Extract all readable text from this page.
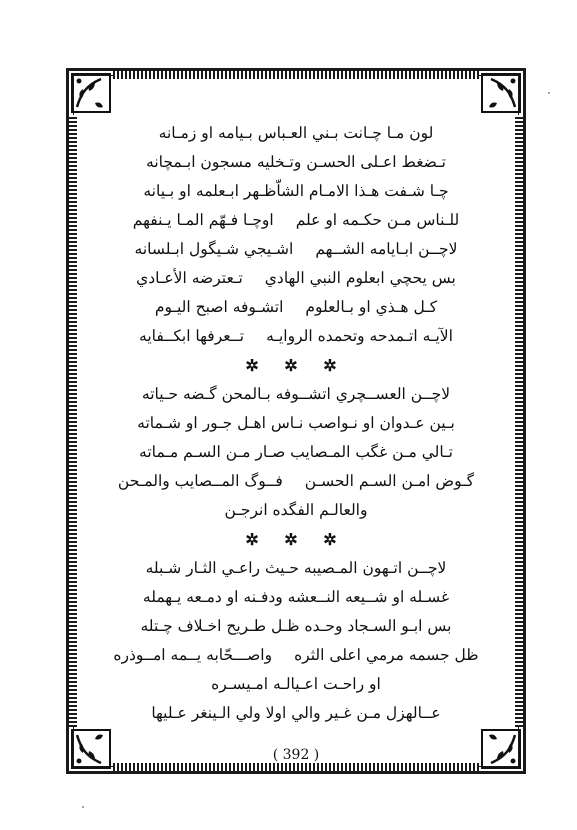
لون مـا چـانت بـني العـباس بـيامه او زمـانه
تـضغط اعـلى الحسـن وتـخليه مسجون ابـمچانه
چـا شـفت هـذا الامـام الشاّظـهر ابـعلمه او بـيانه
للـناس مـن حكـمه او علماوچـا فـهّم المـا يـنفهم
لاچــن ابـايامه الشــهماشـيجي شـيگول ابـلسانه
بس يحچي ابعلوم النبي الهاديتـعترضه الأعـادي
كـل هـذي او بـالعلوماتشـوفه اصبح اليـوم
الآيـه اتـمدحه وتحمده الروايـهتــعرفها ابكــفايه
✲ ✲ ✲
لاچــن العســچري اتشــوفه بـالمحن گـضه حـياته
بـين عـدوان او نـواصب نـاس اهـل جـور او شـماته
تـالي مـن غگب المـصايب صـار مـن السـم مـماته
گـوض امـن السـم الحسـنفــوگ المــصايب والمـحن
والعالـم الفگده انرجـن
✲ ✲ ✲
لاچــن اتـهون المـصيبه حـيث راعـي الثـار شـبله
غسـله او شــيعه النــعشه ودفـنه او دمـعه يـهمله
بس ابـو السـجاد وحـده ظـل طـريح اخـلاف چـتله
ظل جسمه مرمي اعلى الثرهواصـــحّابه يــمه امــوذره
او راحـت اعـيالـه امـيسـره
عــالهزل مـن غـير والي اولا ولي الـينغر عـليها
( 392 )
